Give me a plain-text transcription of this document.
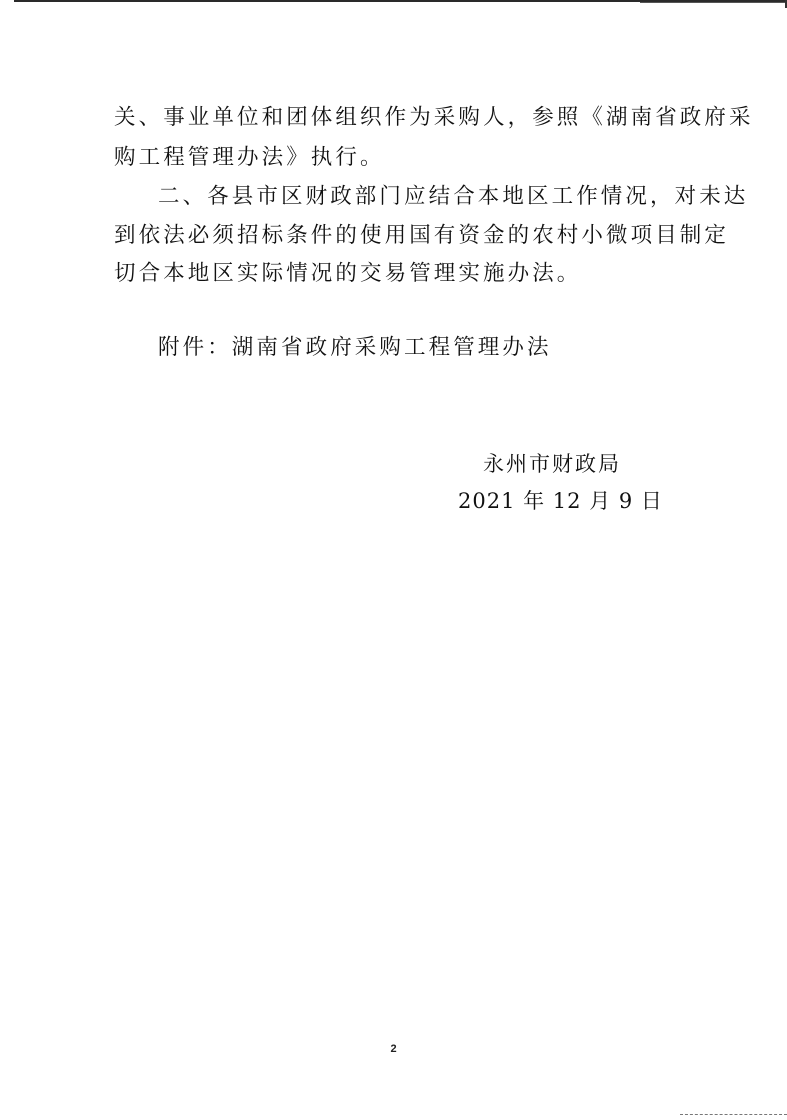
关、事业单位和团体组织作为采购人，参照《湖南省政府采
购工程管理办法》执行。
二、各县市区财政部门应结合本地区工作情况，对未达
到依法必须招标条件的使用国有资金的农村小微项目制定
切合本地区实际情况的交易管理实施办法。
附件：湖南省政府采购工程管理办法
永州市财政局
2021 年 12 月 9 日
2
